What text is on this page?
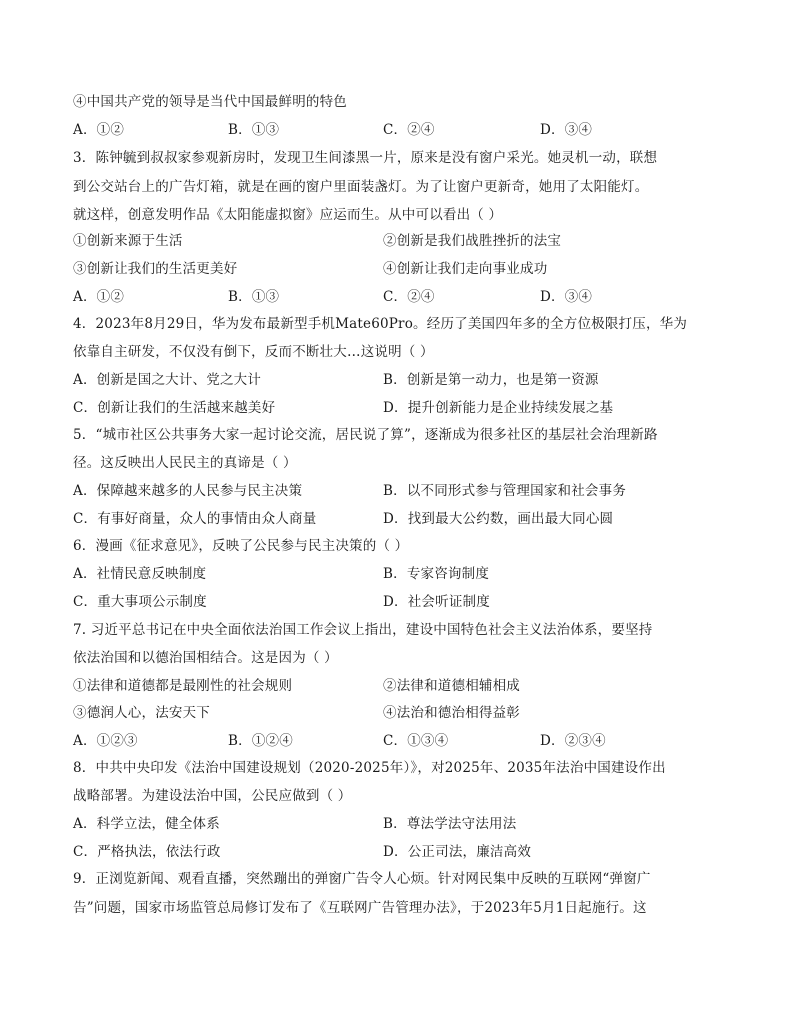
④中国共产党的领导是当代中国最鲜明的特色
A．①②	B．①③	C．②④	D．③④
3．陈钟毓到叔叔家参观新房时，发现卫生间漆黑一片，原来是没有窗户采光。她灵机一动，联想
到公交站台上的广告灯箱，就是在画的窗户里面装盏灯。为了让窗户更新奇，她用了太阳能灯。
就这样，创意发明作品《太阳能虚拟窗》应运而生。从中可以看出（ ）
①创新来源于生活	②创新是我们战胜挫折的法宝
③创新让我们的生活更美好	④创新让我们走向事业成功
A．①②	B．①③	C．②④	D．③④
4．2023年8月29日，华为发布最新型手机Mate60Pro。经历了美国四年多的全方位极限打压，华为
依靠自主研发，不仅没有倒下，反而不断壮大…这说明（ ）
A．创新是国之大计、党之大计	B．创新是第一动力，也是第一资源
C．创新让我们的生活越来越美好	D．提升创新能力是企业持续发展之基
5．“城市社区公共事务大家一起讨论交流，居民说了算”，逐渐成为很多社区的基层社会治理新路
径。这反映出人民民主的真谛是（ ）
A．保障越来越多的人民参与民主决策	B．以不同形式参与管理国家和社会事务
C．有事好商量，众人的事情由众人商量	D．找到最大公约数，画出最大同心圆
6．漫画《征求意见》，反映了公民参与民主决策的（ ）
A．社情民意反映制度	B．专家咨询制度
C．重大事项公示制度	D．社会听证制度
7. 习近平总书记在中央全面依法治国工作会议上指出，建设中国特色社会主义法治体系，要坚持
依法治国和以德治国相结合。这是因为（ ）
①法律和道德都是最刚性的社会规则	②法律和道德相辅相成
③德润人心，法安天下	④法治和德治相得益彰
A．①②③	B．①②④	C．①③④	D．②③④
8．中共中央印发《法治中国建设规划（2020-2025年）》，对2025年、2035年法治中国建设作出
战略部署。为建设法治中国，公民应做到（ ）
A．科学立法，健全体系	B．尊法学法守法用法
C．严格执法，依法行政	D．公正司法，廉洁高效
9．正浏览新闻、观看直播，突然蹦出的弹窗广告令人心烦。针对网民集中反映的互联网“弹窗广
告”问题，国家市场监管总局修订发布了《互联网广告管理办法》，于2023年5月1日起施行。这
